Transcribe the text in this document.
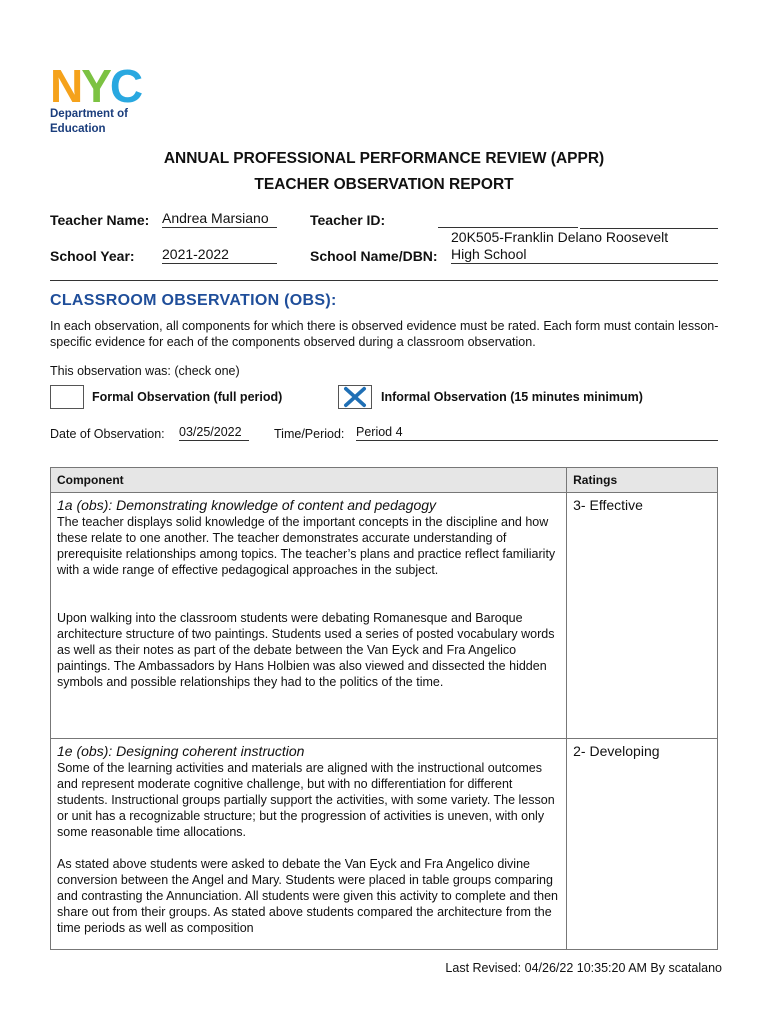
N Y C
Department of
Education
ANNUAL PROFESSIONAL PERFORMANCE REVIEW (APPR)
TEACHER OBSERVATION REPORT
Teacher Name: Andrea Marsiano	Teacher ID:
School Year: 2021-2022	School Name/DBN:
20K505-Franklin Delano Roosevelt
High School
CLASSROOM OBSERVATION (OBS):
In each observation, all components for which there is observed evidence must be rated. Each form must contain lesson-specific evidence for each of the components observed during a classroom observation.
This observation was: (check one)
Formal Observation (full period)	Informal Observation (15 minutes minimum)
Date of Observation: 03/25/2022	Time/Period: Period 4
Component	Ratings

1a (obs): Demonstrating knowledge of content and pedagogy

The teacher displays solid knowledge of the important concepts in the discipline and how these relate to one another. The teacher demonstrates accurate understanding of prerequisite relationships among topics. The teacher’s plans and practice reflect familiarity with a wide range of effective pedagogical approaches in the subject.

Upon walking into the classroom students were debating Romanesque and Baroque architecture structure of two paintings. Students used a series of posted vocabulary words as well as their notes as part of the debate between the Van Eyck and Fra Angelico paintings. The Ambassadors by Hans Holbien was also viewed and dissected the hidden symbols and possible relationships they had to the politics of the time.	3- Effective

1e (obs): Designing coherent instruction

Some of the learning activities and materials are aligned with the instructional outcomes and represent moderate cognitive challenge, but with no differentiation for different students. Instructional groups partially support the activities, with some variety. The lesson or unit has a recognizable structure; but the progression of activities is uneven, with only some reasonable time allocations.

As stated above students were asked to debate the Van Eyck and Fra Angelico divine conversion between the Angel and Mary. Students were placed in table groups comparing and contrasting the Annunciation. All students were given this activity to complete and then share out from their groups. As stated above students compared the architecture from the time periods as well as composition	2- Developing
Last Revised: 04/26/22 10:35:20 AM By scatalano
